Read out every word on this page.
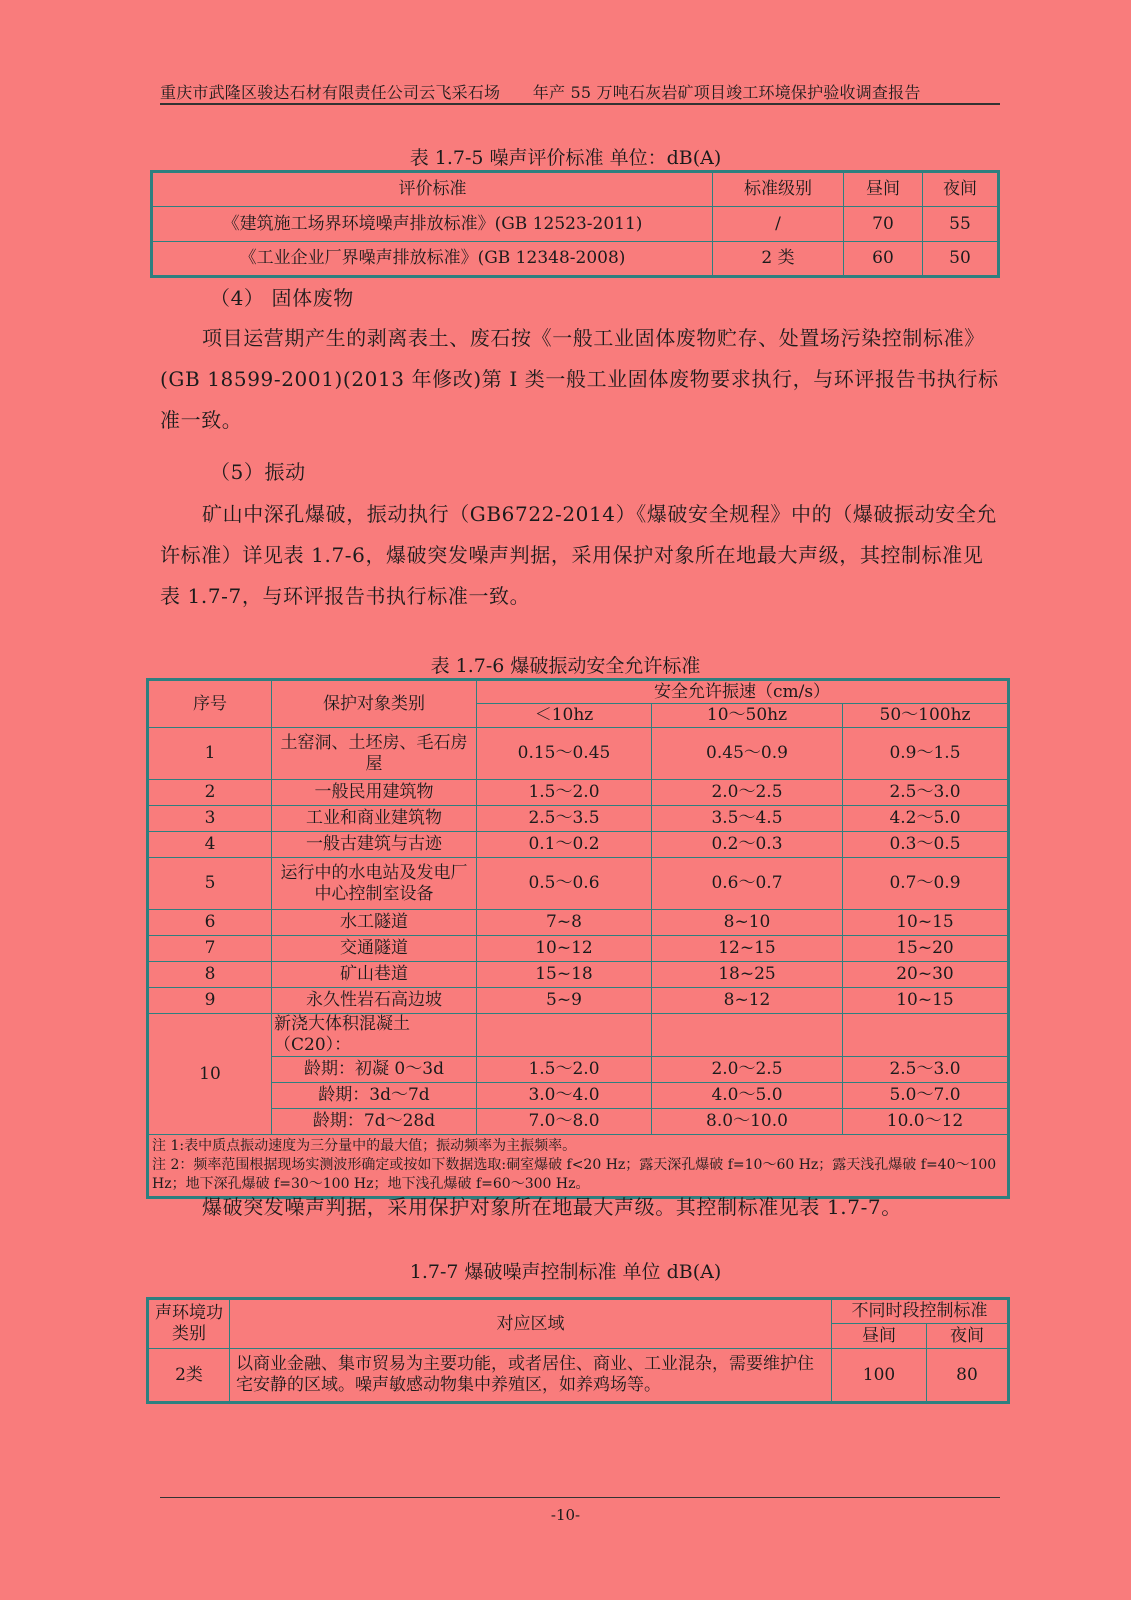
重庆市武隆区骏达石材有限责任公司云飞采石场 年产 55 万吨石灰岩矿项目竣工环境保护验收调查报告
表 1.7-5 噪声评价标准 单位：dB(A)
评价标准	标准级别	昼间	夜间
《建筑施工场界环境噪声排放标准》(GB 12523-2011)	/	70	55
《工业企业厂界噪声排放标准》(GB 12348-2008)	2 类	60	50
（4） 固体废物
项目运营期产生的剥离表土、废石按《一般工业固体废物贮存、处置场污染控制标准》(GB 18599-2001)(2013 年修改)第 I 类一般工业固体废物要求执行，与环评报告书执行标准一致。
（5）振动
矿山中深孔爆破，振动执行（GB6722-2014）《爆破安全规程》中的（爆破振动安全允许标准）详见表 1.7-6，爆破突发噪声判据，采用保护对象所在地最大声级，其控制标准见表 1.7-7，与环评报告书执行标准一致。
表 1.7-6 爆破振动安全允许标准
序号	保护对象类别	安全允许振速（cm/s）		
		＜10hz	10～50hz	50～100hz
1	土窑洞、土坯房、毛石房屋	0.15～0.45	0.45～0.9	0.9～1.5
2	一般民用建筑物	1.5～2.0	2.0～2.5	2.5～3.0
3	工业和商业建筑物	2.5～3.5	3.5～4.5	4.2～5.0
4	一般古建筑与古迹	0.1～0.2	0.2～0.3	0.3～0.5
5	运行中的水电站及发电厂中心控制室设备	0.5～0.6	0.6～0.7	0.7～0.9
6	水工隧道	7~8	8~10	10~15
7	交通隧道	10~12	12~15	15~20
8	矿山巷道	15~18	18~25	20~30
9	永久性岩石高边坡	5~9	8~12	10~15
10	新浇大体积混凝土（C20）：			
	龄期：初凝 0～3d	1.5～2.0	2.0～2.5	2.5～3.0
	龄期：3d～7d	3.0～4.0	4.0～5.0	5.0～7.0
	龄期：7d～28d	7.0～8.0	8.0～10.0	10.0～12

注 1:表中质点振动速度为三分量中的最大值；振动频率为主振频率。
注 2：频率范围根据现场实测波形确定或按如下数据选取:硐室爆破 f<20 Hz；露天深孔爆破 f=10～60 Hz；露天浅孔爆破 f=40～100 Hz；地下深孔爆破 f=30～100 Hz；地下浅孔爆破 f=60～300 Hz。				
爆破突发噪声判据，采用保护对象所在地最大声级。其控制标准见表 1.7-7。
1.7-7 爆破噪声控制标准 单位 dB(A)
声环境功类别	对应区域	不同时段控制标准	
		昼间	夜间
2类	以商业金融、集市贸易为主要功能，或者居住、商业、工业混杂，需要维护住宅安静的区域。噪声敏感动物集中养殖区，如养鸡场等。	100	80
-10-
